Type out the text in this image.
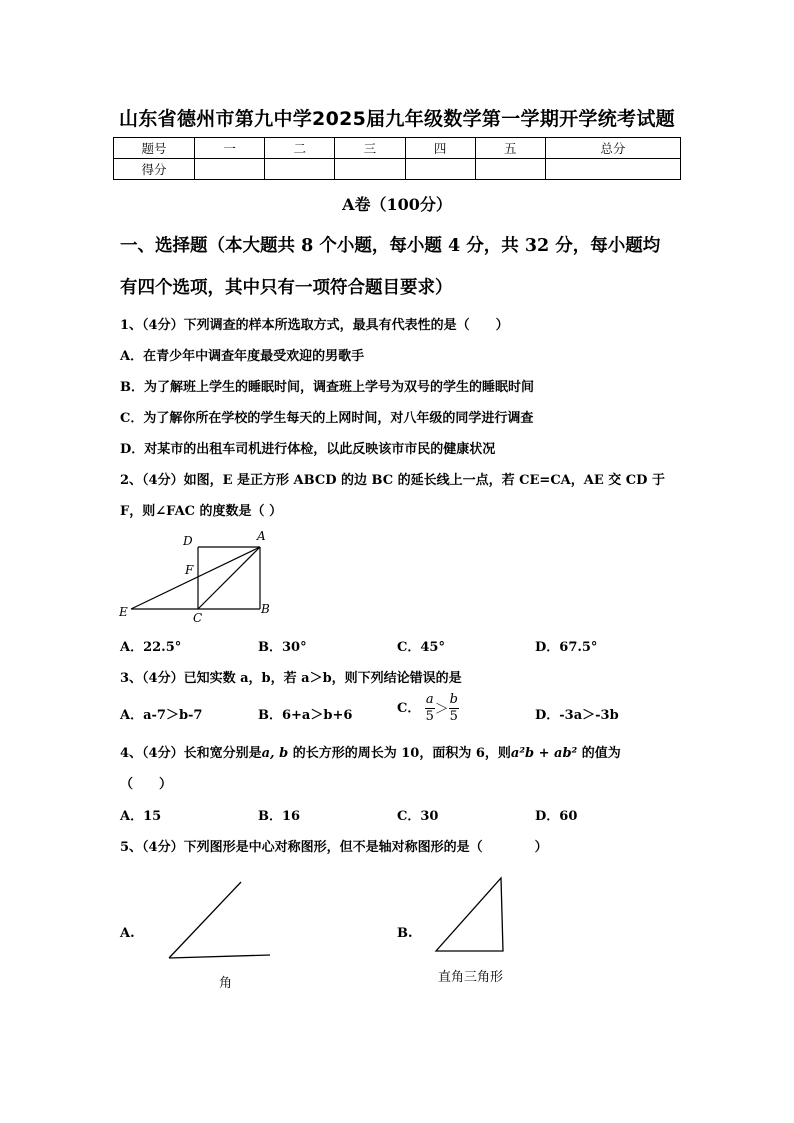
山东省德州市第九中学2025届九年级数学第一学期开学统考试题
题号	一	二	三	四	五	总分
得分						
A卷（100分）
一、选择题（本大题共 8 个小题，每小题 4 分，共 32 分，每小题均
有四个选项，其中只有一项符合题目要求）
1、（4分）下列调查的样本所选取方式，最具有代表性的是（　　）
A．在青少年中调查年度最受欢迎的男歌手
B．为了解班上学生的睡眠时间，调查班上学号为双号的学生的睡眠时间
C．为了解你所在学校的学生每天的上网时间，对八年级的同学进行调查
D．对某市的出租车司机进行体检，以此反映该市市民的健康状况
2、（4分）如图，E 是正方形 ABCD 的边 BC 的延长线上一点，若 CE=CA，AE 交 CD 于
F，则∠FAC 的度数是（ ）
D	A
F
E	C
B
A．22.5°	B．30°	C．45°	D．67.5°
3、（4分）已知实数 a，b，若 a＞b，则下列结论错误的是
A．a-7＞b-7	B．6+a＞b+6	C． $\frac{a}{5} > \frac{b}{5}$	D．-3a＞-3b
4、（4分）长和宽分别是a, b 的长方形的周长为 10，面积为 6，则a²b + ab² 的值为
（　　）
A．15	B．16	C．30	D．60
5、（4分）下列图形是中心对称图形，但不是轴对称图形的是（　　　　）
A.
角
B.
直角三角形
